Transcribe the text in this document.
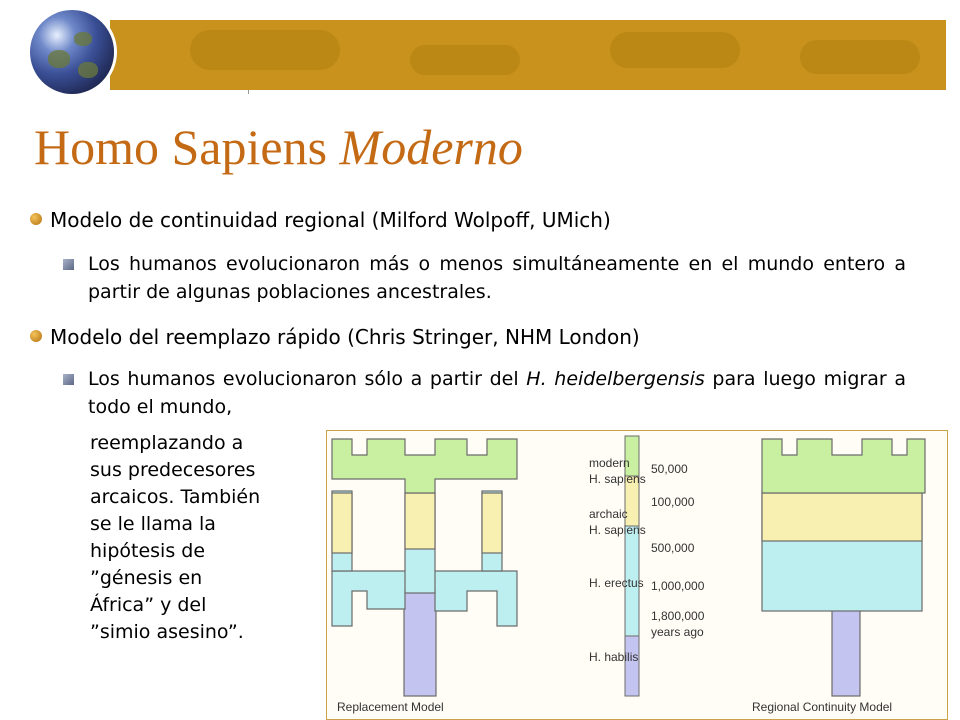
Homo Sapiens Moderno
Modelo de continuidad regional (Milford Wolpoff, UMich)
Los humanos evolucionaron más o menos simultáneamente en el mundo entero a partir de algunas poblaciones ancestrales.
Modelo del reemplazo rápido (Chris Stringer, NHM London)
Los humanos evolucionaron sólo a partir del H. heidelbergensis para luego migrar a todo el mundo,
reemplazando a
sus predecesores
arcaicos. También
se le llama la
hipótesis de
”génesis en
África” y del
”simio asesino”.
modern
H. sapiens
archaic
H. sapiens
H. erectus
H. habilis
50,000
100,000
500,000
1,000,000
1,800,000
years ago
Replacement Model	Regional Continuity Model
